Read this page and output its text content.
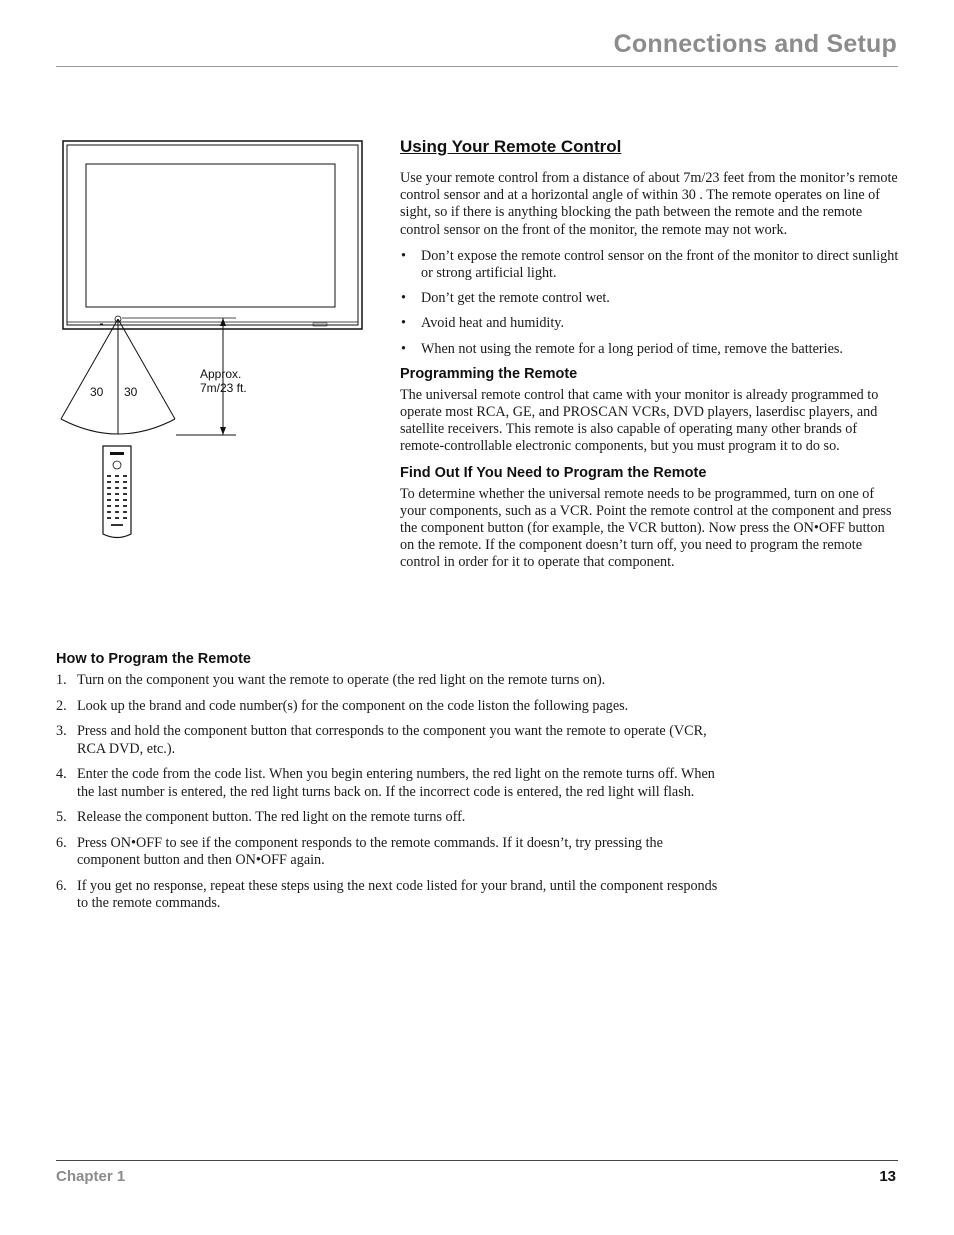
Connections and Setup
30 30
Approx.
7m/23 ft.
Using Your Remote Control

Use your remote control from a distance of about 7m/23 feet from the monitor’s remote control sensor and at a horizontal angle of within 30 . The remote operates on line of sight, so if there is anything blocking the path between the remote and the remote control sensor on the front of the monitor, the remote may not work.

• Don’t expose the remote control sensor on the front of the monitor to direct sunlight or strong artificial light.
• Don’t get the remote control wet.
• Avoid heat and humidity.
• When not using the remote for a long period of time, remove the batteries.
Programming the Remote

The universal remote control that came with your monitor is already programmed to operate most RCA, GE, and PROSCAN VCRs, DVD players, laserdisc players, and satellite receivers. This remote is also capable of operating many other brands of remote-controllable electronic components, but you must program it to do so.

Find Out If You Need to Program the Remote

To determine whether the universal remote needs to be programmed, turn on one of your components, such as a VCR. Point the remote control at the component and press the component button (for example, the VCR button). Now press the ON•OFF button on the remote. If the component doesn’t turn off, you need to program the remote control in order for it to operate that component.

How to Program the Remote
1. Turn on the component you want the remote to operate (the red light on the remote turns on).
2. Look up the brand and code number(s) for the component on the code liston the following pages.
3. Press and hold the component button that corresponds to the component you want the remote to operate (VCR, RCA DVD, etc.).
4. Enter the code from the code list. When you begin entering numbers, the red light on the remote turns off. When the last number is entered, the red light turns back on. If the incorrect code is entered, the red light will flash.
5. Release the component button. The red light on the remote turns off.
6. Press ON•OFF to see if the component responds to the remote commands. If it doesn’t, try pressing the component button and then ON•OFF again.
6. If you get no response, repeat these steps using the next code listed for your brand, until the component responds to the remote commands.
Chapter 1	13
